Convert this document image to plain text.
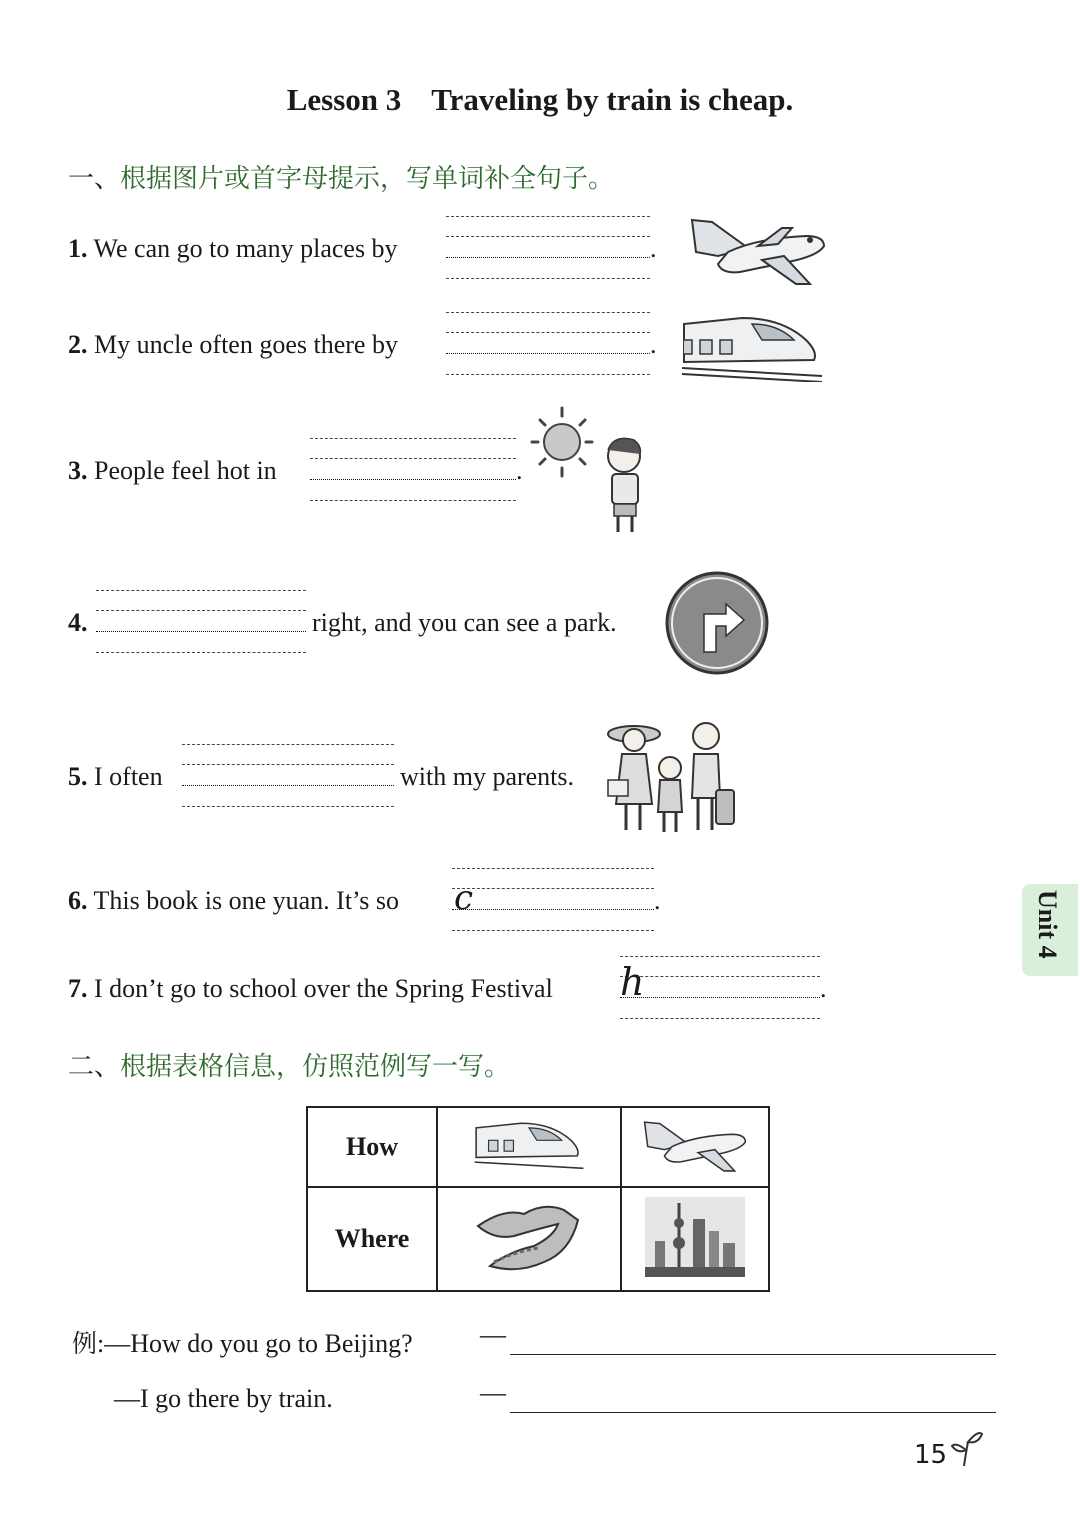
Lesson 3 Traveling by train is cheap.
一、根据图片或首字母提示，写单词补全句子。
1. We can go to many places by	.
2. My uncle often goes there by	.
3. People feel hot in	.
4.	right, and you can see a park.
5. I often	with my parents.
6. This book is one yuan. It’s so c	.
7. I don’t go to school over the Spring Festival h	.
Unit 4
二、根据表格信息，仿照范例写一写。
How		
Where		
例:—How do you go to Beijing?
—I go there by train.
—
—
15
